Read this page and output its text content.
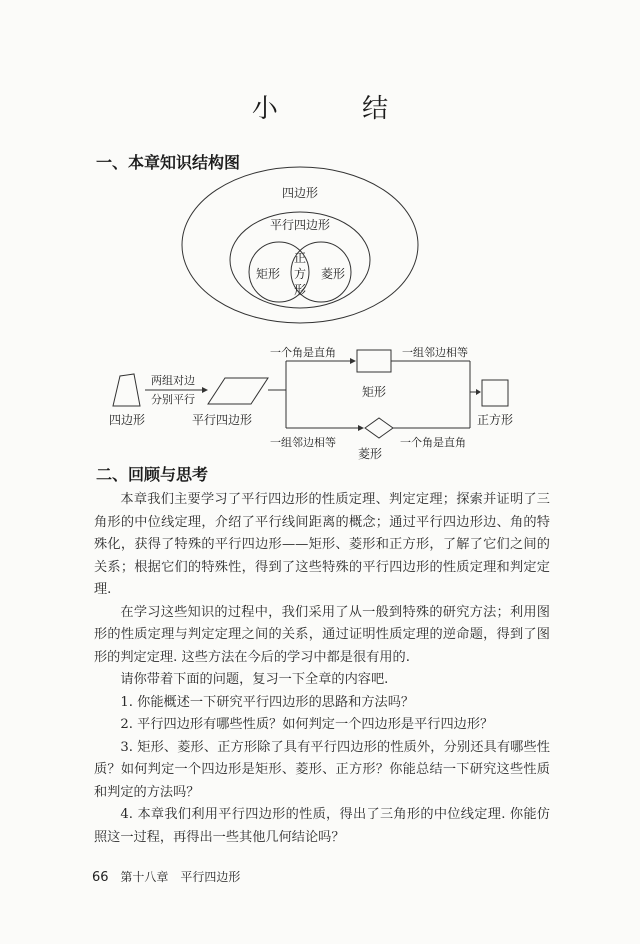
小 结
一、本章知识结构图
四边形
平行四边形
矩形
正
方
形
菱形
四边形
两组对边
分别平行
平行四边形
一个角是直角
矩形
一组邻边相等
一组邻边相等
菱形
一个角是直角
正方形
二、回顾与思考

本章我们主要学习了平行四边形的性质定理、判定定理；探索并证明了三角形的中位线定理，介绍了平行线间距离的概念；通过平行四边形边、角的特殊化，获得了特殊的平行四边形——矩形、菱形和正方形，了解了它们之间的关系；根据它们的特殊性，得到了这些特殊的平行四边形的性质定理和判定定理.

在学习这些知识的过程中，我们采用了从一般到特殊的研究方法；利用图形的性质定理与判定定理之间的关系，通过证明性质定理的逆命题，得到了图形的判定定理. 这些方法在今后的学习中都是很有用的.

请你带着下面的问题，复习一下全章的内容吧.

1. 你能概述一下研究平行四边形的思路和方法吗？

2. 平行四边形有哪些性质？如何判定一个四边形是平行四边形？

3. 矩形、菱形、正方形除了具有平行四边形的性质外，分别还具有哪些性质？如何判定一个四边形是矩形、菱形、正方形？你能总结一下研究这些性质和判定的方法吗？

4. 本章我们利用平行四边形的性质，得出了三角形的中位线定理. 你能仿照这一过程，再得出一些其他几何结论吗？

66 第十八章　平行四边形
